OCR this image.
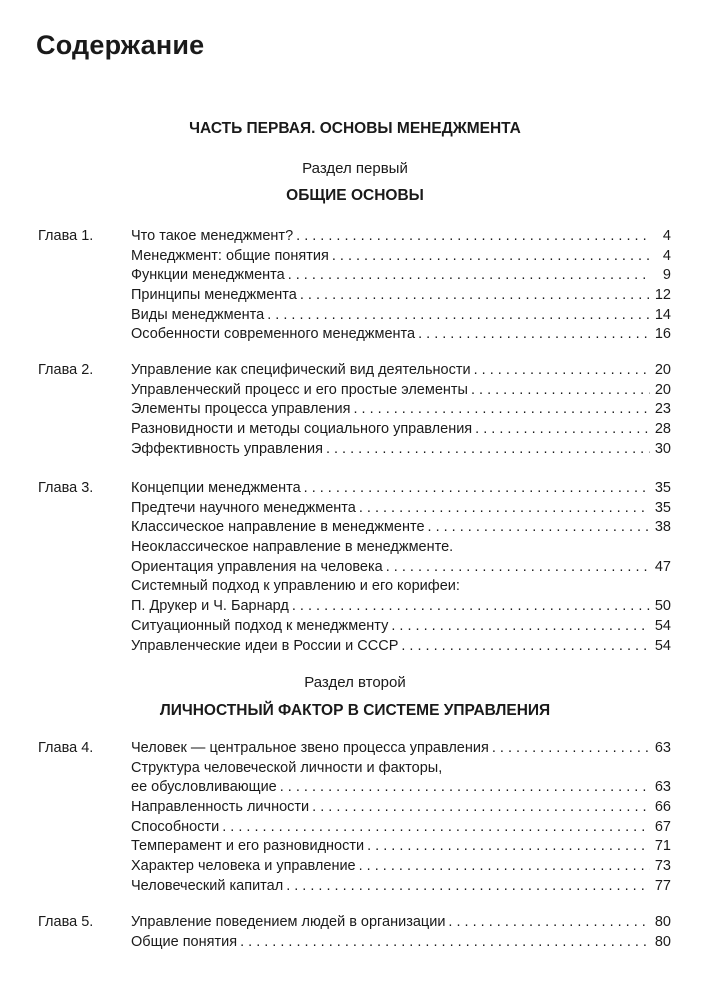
Содержание
ЧАСТЬ ПЕРВАЯ. ОСНОВЫ МЕНЕДЖМЕНТА
Раздел первый
ОБЩИЕ ОСНОВЫ
Глава 1.	Что такое менеджмент? . . .	4
Менеджмент: общие понятия . . .	4
Функции менеджмента . . .	9
Принципы менеджмента . . .	12
Виды менеджмента . . .	14
Особенности современного менеджмента . . .	16
Глава 2.	Управление как специфический вид деятельности . . .	20
Управленческий процесс и его простые элементы . . .	20
Элементы процесса управления . . .	23
Разновидности и методы социального управления . . .	28
Эффективность управления . . .	30
Глава 3.	Концепции менеджмента . . .	35
Предтечи научного менеджмента . . .	35
Классическое направление в менеджменте . . .	38
Неоклассическое направление в менеджменте.
Ориентация управления на человека . . .	47
Системный подход к управлению и его корифеи:
П. Друкер и Ч. Барнард . . .	50
Ситуационный подход к менеджменту . . .	54
Управленческие идеи в России и СССР . . .	54
Раздел второй
ЛИЧНОСТНЫЙ ФАКТОР В СИСТЕМЕ УПРАВЛЕНИЯ
Глава 4.	Человек — центральное звено процесса управления . . .	63
Структура человеческой личности и факторы,
ее обусловливающие . . .	63
Направленность личности . . .	66
Способности . . .	67
Темперамент и его разновидности . . .	71
Характер человека и управление . . .	73
Человеческий капитал . . .	77
Глава 5.	Управление поведением людей в организации . . .	80
Общие понятия . . .	80
